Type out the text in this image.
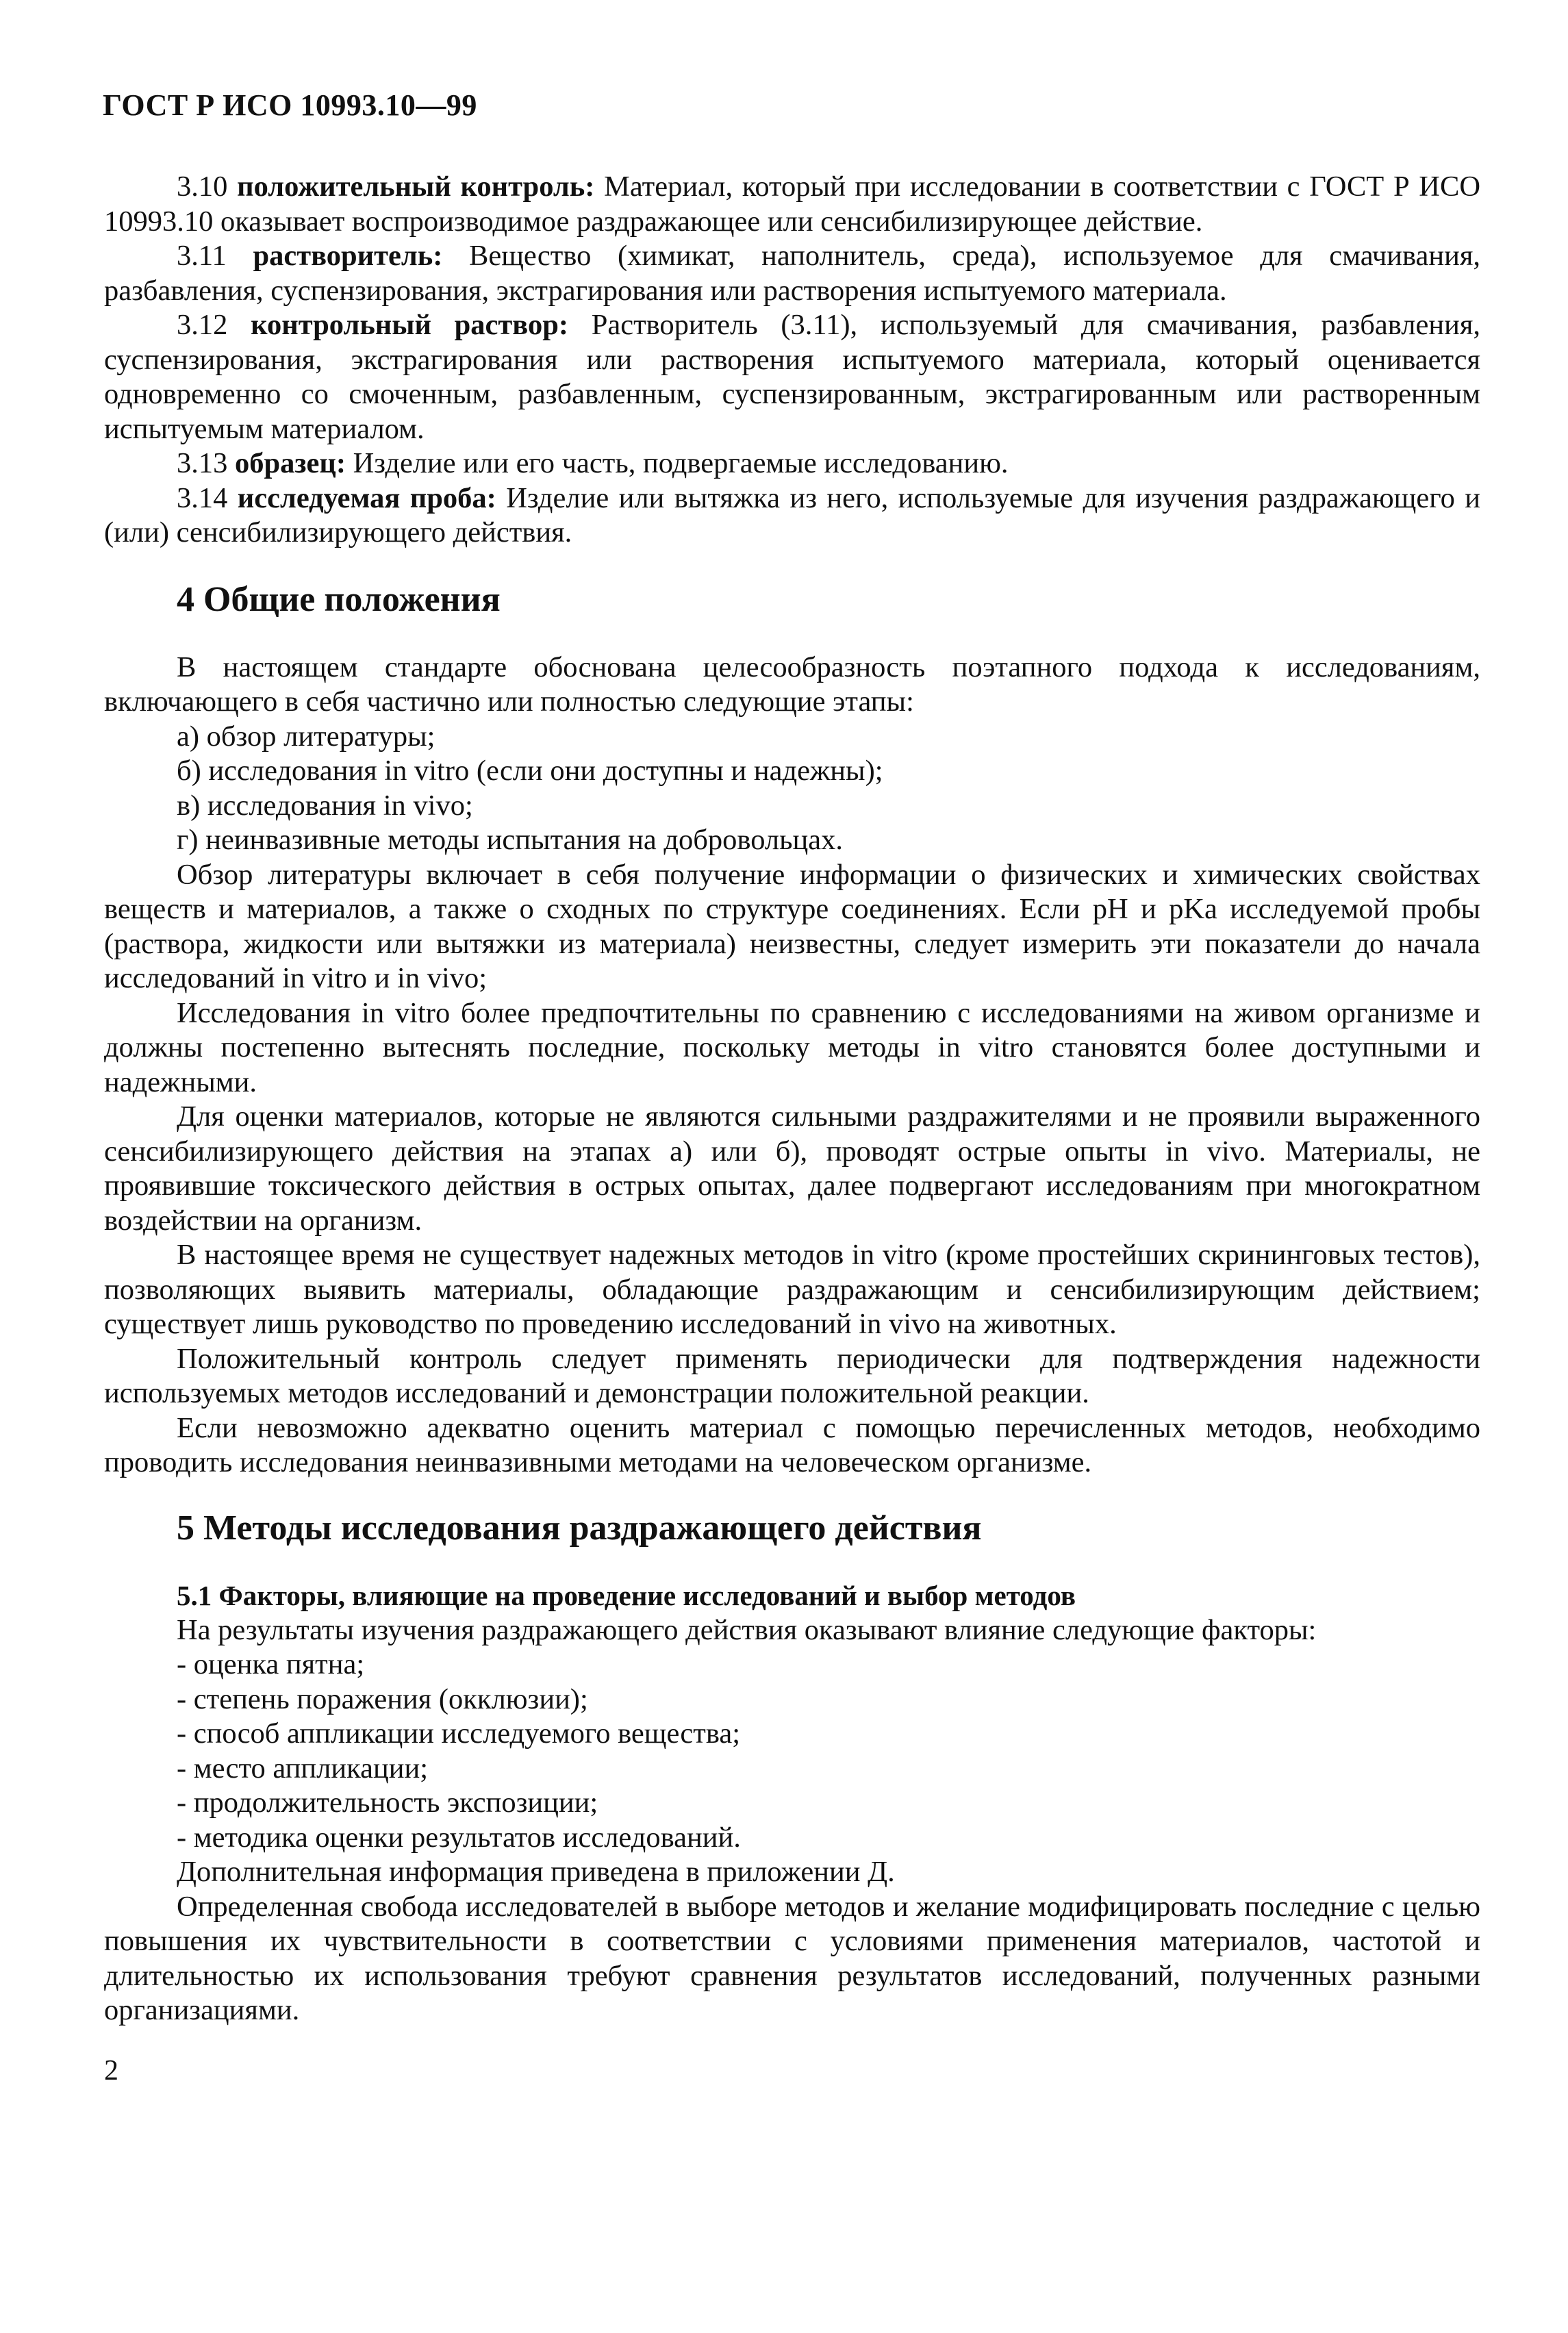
ГОСТ Р ИСО 10993.10—99

3.10 положительный контроль: Материал, который при исследовании в соответствии с ГОСТ Р ИСО 10993.10 оказывает воспроизводимое раздражающее или сенсибилизирующее действие.

3.11 растворитель: Вещество (химикат, наполнитель, среда), используемое для смачивания, разбавления, суспензирования, экстрагирования или растворения испытуемого материала.

3.12 контрольный раствор: Растворитель (3.11), используемый для смачивания, разбавления, суспензирования, экстрагирования или растворения испытуемого материала, который оценивается одновременно со смоченным, разбавленным, суспензированным, экстрагированным или растворенным испытуемым материалом.

3.13 образец: Изделие или его часть, подвергаемые исследованию.

3.14 исследуемая проба: Изделие или вытяжка из него, используемые для изучения раздражающего и (или) сенсибилизирующего действия.

4 Общие положения

В настоящем стандарте обоснована целесообразность поэтапного подхода к исследованиям, включающего в себя частично или полностью следующие этапы:

а) обзор литературы;

б) исследования in vitro (если они доступны и надежны);

в) исследования in vivo;

г) неинвазивные методы испытания на добровольцах.

Обзор литературы включает в себя получение информации о физических и химических свойствах веществ и материалов, а также о сходных по структуре соединениях. Если pH и pKa исследуемой пробы (раствора, жидкости или вытяжки из материала) неизвестны, следует измерить эти показатели до начала исследований in vitro и in vivo;

Исследования in vitro более предпочтительны по сравнению с исследованиями на живом организме и должны постепенно вытеснять последние, поскольку методы in vitro становятся более доступными и надежными.

Для оценки материалов, которые не являются сильными раздражителями и не проявили выраженного сенсибилизирующего действия на этапах а) или б), проводят острые опыты in vivo. Материалы, не проявившие токсического действия в острых опытах, далее подвергают исследованиям при многократном воздействии на организм.

В настоящее время не существует надежных методов in vitro (кроме простейших скрининговых тестов), позволяющих выявить материалы, обладающие раздражающим и сенсибилизирующим действием; существует лишь руководство по проведению исследований in vivo на животных.

Положительный контроль следует применять периодически для подтверждения надежности используемых методов исследований и демонстрации положительной реакции.

Если невозможно адекватно оценить материал с помощью перечисленных методов, необходимо проводить исследования неинвазивными методами на человеческом организме.

5 Методы исследования раздражающего действия
5.1 Факторы, влияющие на проведение исследований и выбор методов

На результаты изучения раздражающего действия оказывают влияние следующие факторы:

- оценка пятна;

- степень поражения (окклюзии);

- способ аппликации исследуемого вещества;

- место аппликации;

- продолжительность экспозиции;

- методика оценки результатов исследований.

Дополнительная информация приведена в приложении Д.

Определенная свобода исследователей в выборе методов и желание модифицировать последние с целью повышения их чувствительности в соответствии с условиями применения материалов, частотой и длительностью их использования требуют сравнения результатов исследований, полученных разными организациями.

2
